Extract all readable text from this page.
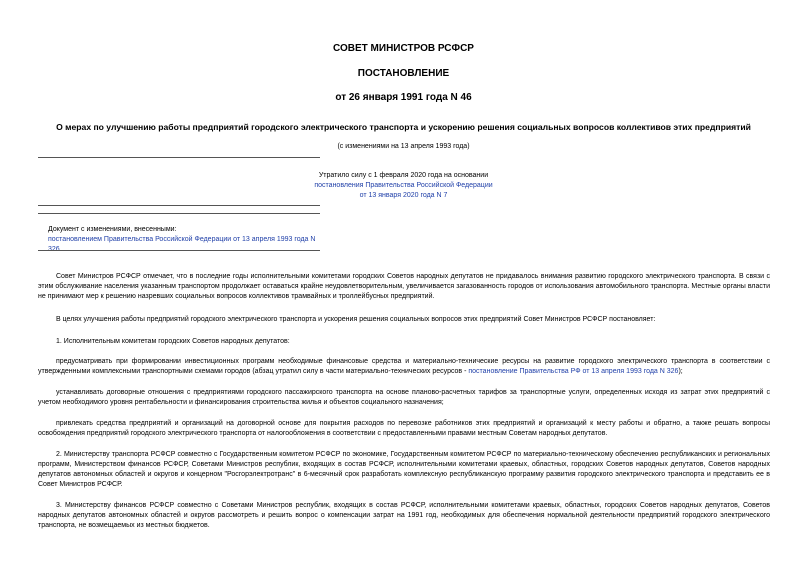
СОВЕТ МИНИСТРОВ РСФСР
ПОСТАНОВЛЕНИЕ
от 26 января 1991 года N 46
О мерах по улучшению работы предприятий городского электрического транспорта и ускорению решения социальных вопросов коллективов этих предприятий
(с изменениями на 13 апреля 1993 года)
Утратило силу с 1 февраля 2020 года на основании
постановления Правительства Российской Федерации
от 13 января 2020 года N 7
Документ с изменениями, внесенными:
постановлением Правительства Российской Федерации от 13 апреля 1993 года N 326.
Совет Министров РСФСР отмечает, что в последние годы исполнительными комитетами городских Советов народных депутатов не придавалось внимания развитию городского электрического транспорта. В связи с этим обслуживание населения указанным транспортом продолжает оставаться крайне неудовлетворительным, увеличивается загазованность городов от использования автомобильного транспорта. Местные органы власти не принимают мер к решению назревших социальных вопросов коллективов трамвайных и троллейбусных предприятий.
В целях улучшения работы предприятий городского электрического транспорта и ускорения решения социальных вопросов этих предприятий Совет Министров РСФСР постановляет:
1. Исполнительным комитетам городских Советов народных депутатов:
предусматривать при формировании инвестиционных программ необходимые финансовые средства и материально-технические ресурсы на развитие городского электрического транспорта в соответствии с утвержденными комплексными транспортными схемами городов (абзац утратил силу в части материально-технических ресурсов - постановление Правительства РФ от 13 апреля 1993 года N 326);
устанавливать договорные отношения с предприятиями городского пассажирского транспорта на основе планово-расчетных тарифов за транспортные услуги, определенных исходя из затрат этих предприятий с учетом необходимого уровня рентабельности и финансирования строительства жилья и объектов социального назначения;
привлекать средства предприятий и организаций на договорной основе для покрытия расходов по перевозке работников этих предприятий и организаций к месту работы и обратно, а также решать вопросы освобождения предприятий городского электрического транспорта от налогообложения в соответствии с предоставленными правами местным Советам народных депутатов.
2. Министерству транспорта РСФСР совместно с Государственным комитетом РСФСР по экономике, Государственным комитетом РСФСР по материально-техническому обеспечению республиканских и региональных программ, Министерством финансов РСФСР, Советами Министров республик, входящих в состав РСФСР, исполнительными комитетами краевых, областных, городских Советов народных депутатов, Советов народных депутатов автономных областей и округов и концерном "Росгорэлектротранс" в 6-месячный срок разработать комплексную республиканскую программу развития городского электрического транспорта и представить ее в Совет Министров РСФСР.
3. Министерству финансов РСФСР совместно с Советами Министров республик, входящих в состав РСФСР, исполнительными комитетами краевых, областных, городских Советов народных депутатов, Советов народных депутатов автономных областей и округов рассмотреть и решить вопрос о компенсации затрат на 1991 год, необходимых для обеспечения нормальной деятельности предприятий городского электрического транспорта, не возмещаемых из местных бюджетов.
